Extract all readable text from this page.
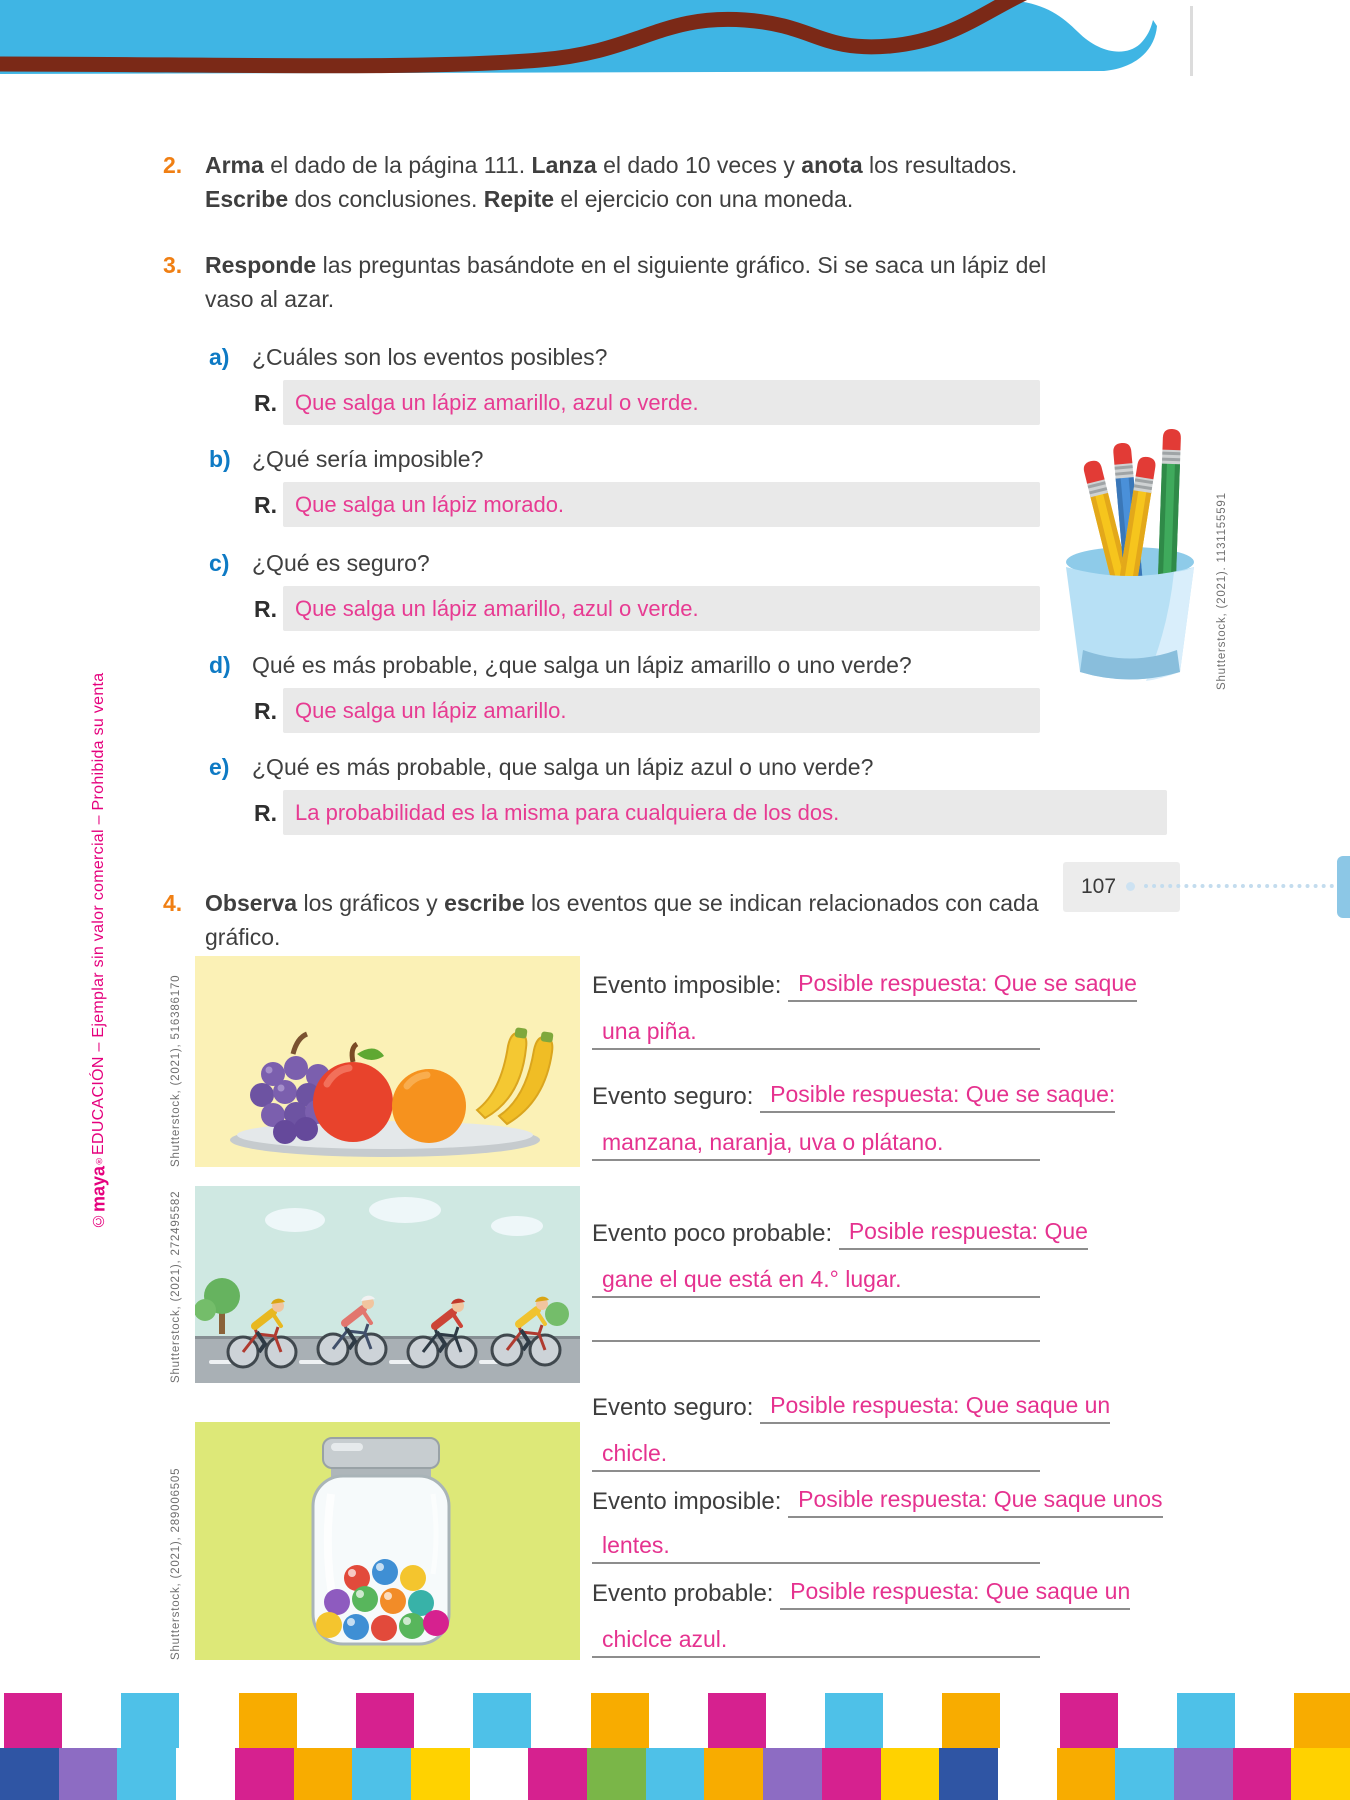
©
maya
®
EDUCACIÓN – Ejemplar sin valor comercial – Prohibida su venta
2. Arma el dado de la página 111. Lanza el dado 10 veces y anota los resultados.
Escribe dos conclusiones. Repite el ejercicio con una moneda.
3. Responde las preguntas basándote en el siguiente gráfico. Si se saca un lápiz del
vaso al azar.
a) ¿Cuáles son los eventos posibles?
R. Que salga un lápiz amarillo, azul o verde.
b) ¿Qué sería imposible?
R. Que salga un lápiz morado.
c) ¿Qué es seguro?
R. Que salga un lápiz amarillo, azul o verde.
d) Qué es más probable, ¿que salga un lápiz amarillo o uno verde?
R. Que salga un lápiz amarillo.
e) ¿Qué es más probable, que salga un lápiz azul o uno verde?
R. La probabilidad es la misma para cualquiera de los dos.
Shutterstock, (2021). 1131155591
4. Observa los gráficos y escribe los eventos que se indican relacionados con cada
gráfico.
107
Shutterstock, (2021), 516386170	Evento imposible: Posible respuesta: Que se saque
una piña.
Evento seguro: Posible respuesta: Que se saque:
manzana, naranja, uva o plátano.
Shutterstock, (2021), 272495582	Evento poco probable: Posible respuesta: Que
gane el que está en 4.° lugar.
Shutterstock, (2021), 289006505
Evento seguro: Posible respuesta: Que saque un
chicle.
Evento imposible: Posible respuesta: Que saque unos
lentes.
Evento probable: Posible respuesta: Que saque un
chiclce azul.
